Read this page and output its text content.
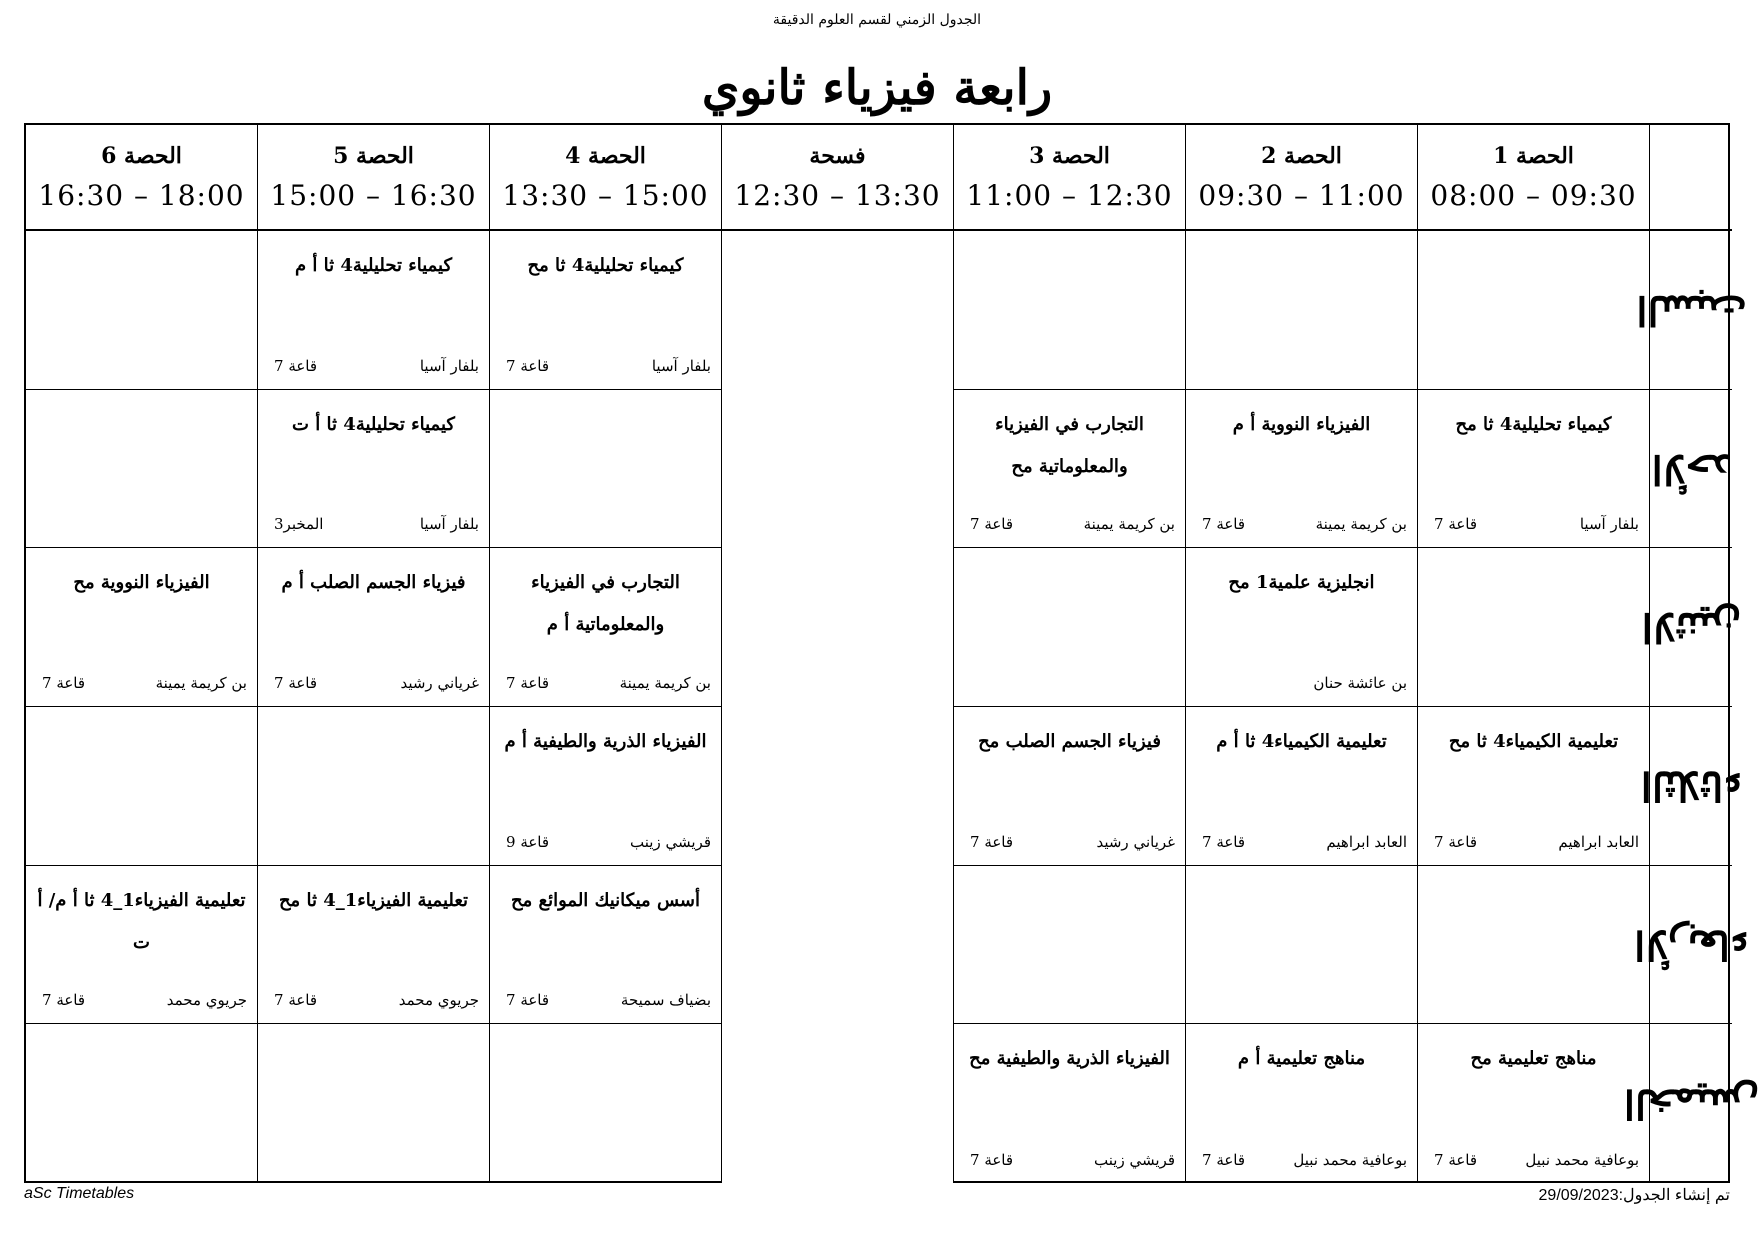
الجدول الزمني لقسم العلوم الدقيقة
رابعة فيزياء ثانوي
الحصة 6
16:30 – 18:00
الحصة 5
15:00 – 16:30
الحصة 4
13:30 – 15:00
فسحة
12:30 – 13:30
الحصة 3
11:00 – 12:30
الحصة 2
09:30 – 11:00
الحصة 1
08:00 – 09:30
كيمياء تحليلية4 ثا أ م
بلفار آسيا
قاعة 7
كيمياء تحليلية4 ثا مح
بلفار آسيا
قاعة 7
السبت
كيمياء تحليلية4 ثا أ ت
بلفار آسيا
المخبر3
التجارب في الفيزياء والمعلوماتية مح
بن كريمة يمينة
قاعة 7
الفيزياء النووية أ م
بن كريمة يمينة
قاعة 7
كيمياء تحليلية4 ثا مح
بلفار آسيا
قاعة 7
الأحد
الفيزياء النووية مح
بن كريمة يمينة
قاعة 7
فيزياء الجسم الصلب أ م
غرياني رشيد
قاعة 7
التجارب في الفيزياء والمعلوماتية أ م
بن كريمة يمينة
قاعة 7
انجليزية علمية1 مح
بن عائشة حنان
الاثنين
الفيزياء الذرية والطيفية أ م
قريشي زينب
قاعة 9
فيزياء الجسم الصلب مح
غرياني رشيد
قاعة 7
تعليمية الكيمياء4 ثا أ م
العابد ابراهيم
قاعة 7
تعليمية الكيمياء4 ثا مح
العابد ابراهيم
قاعة 7
الثلاثاء
تعليمية الفيزياء1_4 ثا أ م/ أ ت
جريوي محمد
قاعة 7
تعليمية الفيزياء1_4 ثا مح
جريوي محمد
قاعة 7
أسس ميكانيك الموائع مح
بضياف سميحة
قاعة 7
الأربعاء
الفيزياء الذرية والطيفية مح
قريشي زينب
قاعة 7
مناهج تعليمية أ م
بوعافية محمد نبيل
قاعة 7
مناهج تعليمية مح
بوعافية محمد نبيل
قاعة 7
الخميس
aSc Timetables	تم إنشاء الجدول:29/09/2023
